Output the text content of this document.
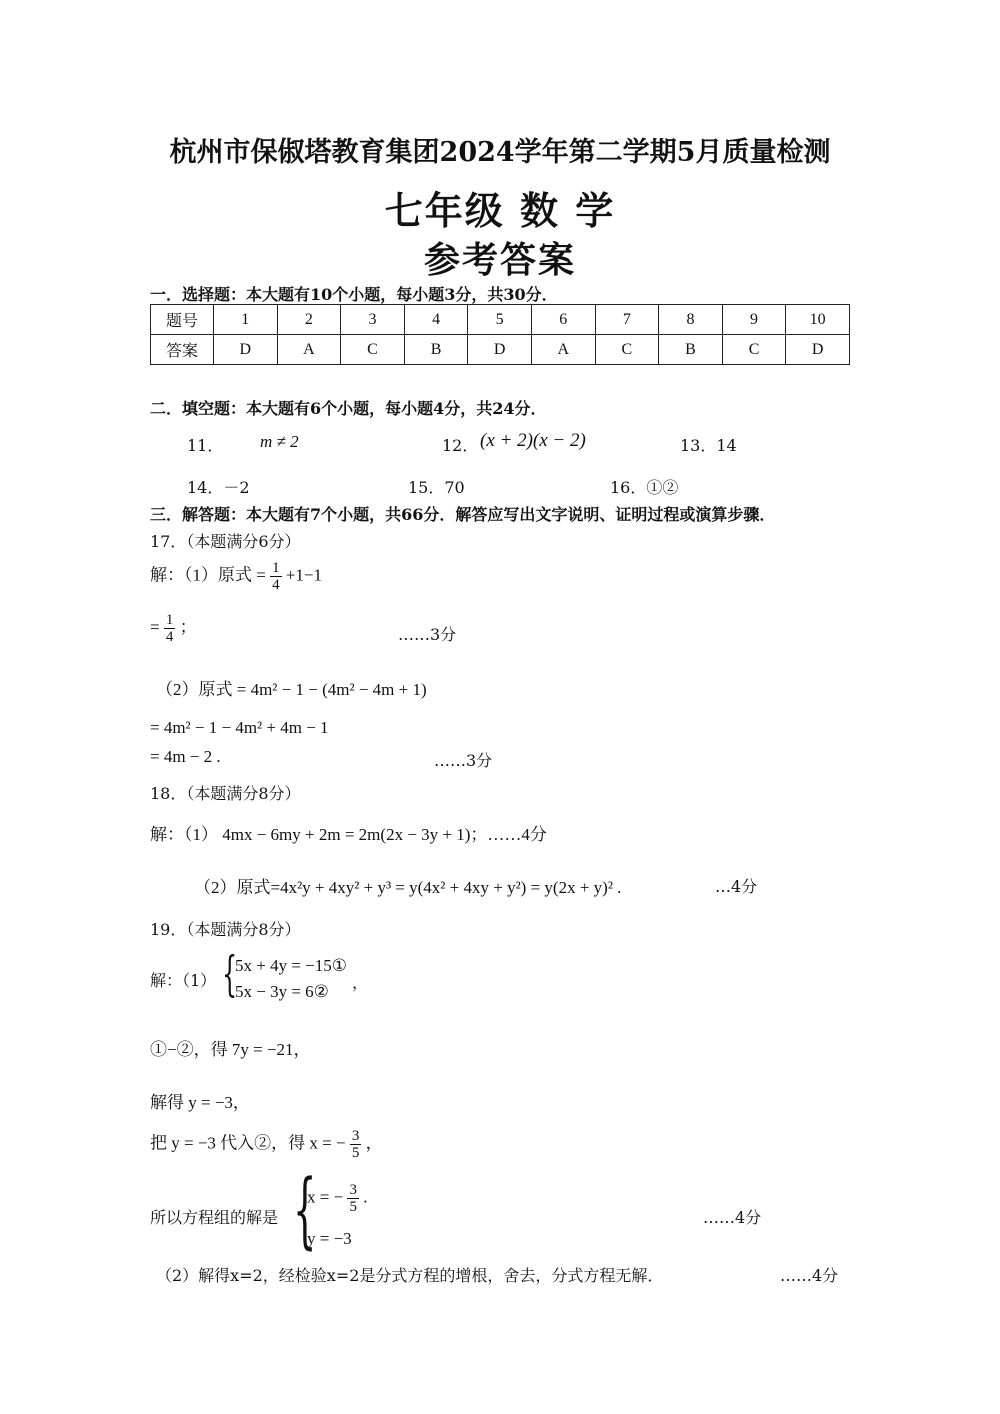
杭州市保俶塔教育集团2024学年第二学期5月质量检测
七年级 数 学
参考答案
一．选择题：本大题有10个小题，每小题3分，共30分．
题号	1	2	3	4	5	6	7	8	9	10
答案	D	A	C	B	D	A	C	B	C	D
二．填空题：本大题有6个小题，每小题4分，共24分．
11． m ≠ 2	12． (x + 2)(x − 2)	13．14
14．－2	15．70	16．①②
三．解答题：本大题有7个小题，共66分．解答应写出文字说明、证明过程或演算步骤．
17．（本题满分6分）
解：（1）原式 = $\frac{1}{4} +1-1$
= $\frac{1}{4}$ ；	……3分
（2）原式 = 4m² − 1 − (4m² − 4m + 1)
= 4m² − 1 − 4m² + 4m − 1
= 4m − 2 .	……3分
18．（本题满分8分）
解：（1） 4mx − 6my + 2m = 2m(2x − 3y + 1)；……4分
（2）原式=4x²y + 4xy² + y³ = y(4x² + 4xy + y²) = y(2x + y)² .	…4分
19．（本题满分8分）
解：（1） {
5x + 4y = −15①
5x − 3y = 6② ，
①−②，得 7y = −21，
解得 y = −3，
把 y = −3 代入②，得 x = − $\frac{3}{5}$ ，
所以方程组的解是 {
x = − $\frac{3}{5}$ .
y = −3
……4分
（2）解得x=2，经检验x=2是分式方程的增根，舍去，分式方程无解．	……4分
